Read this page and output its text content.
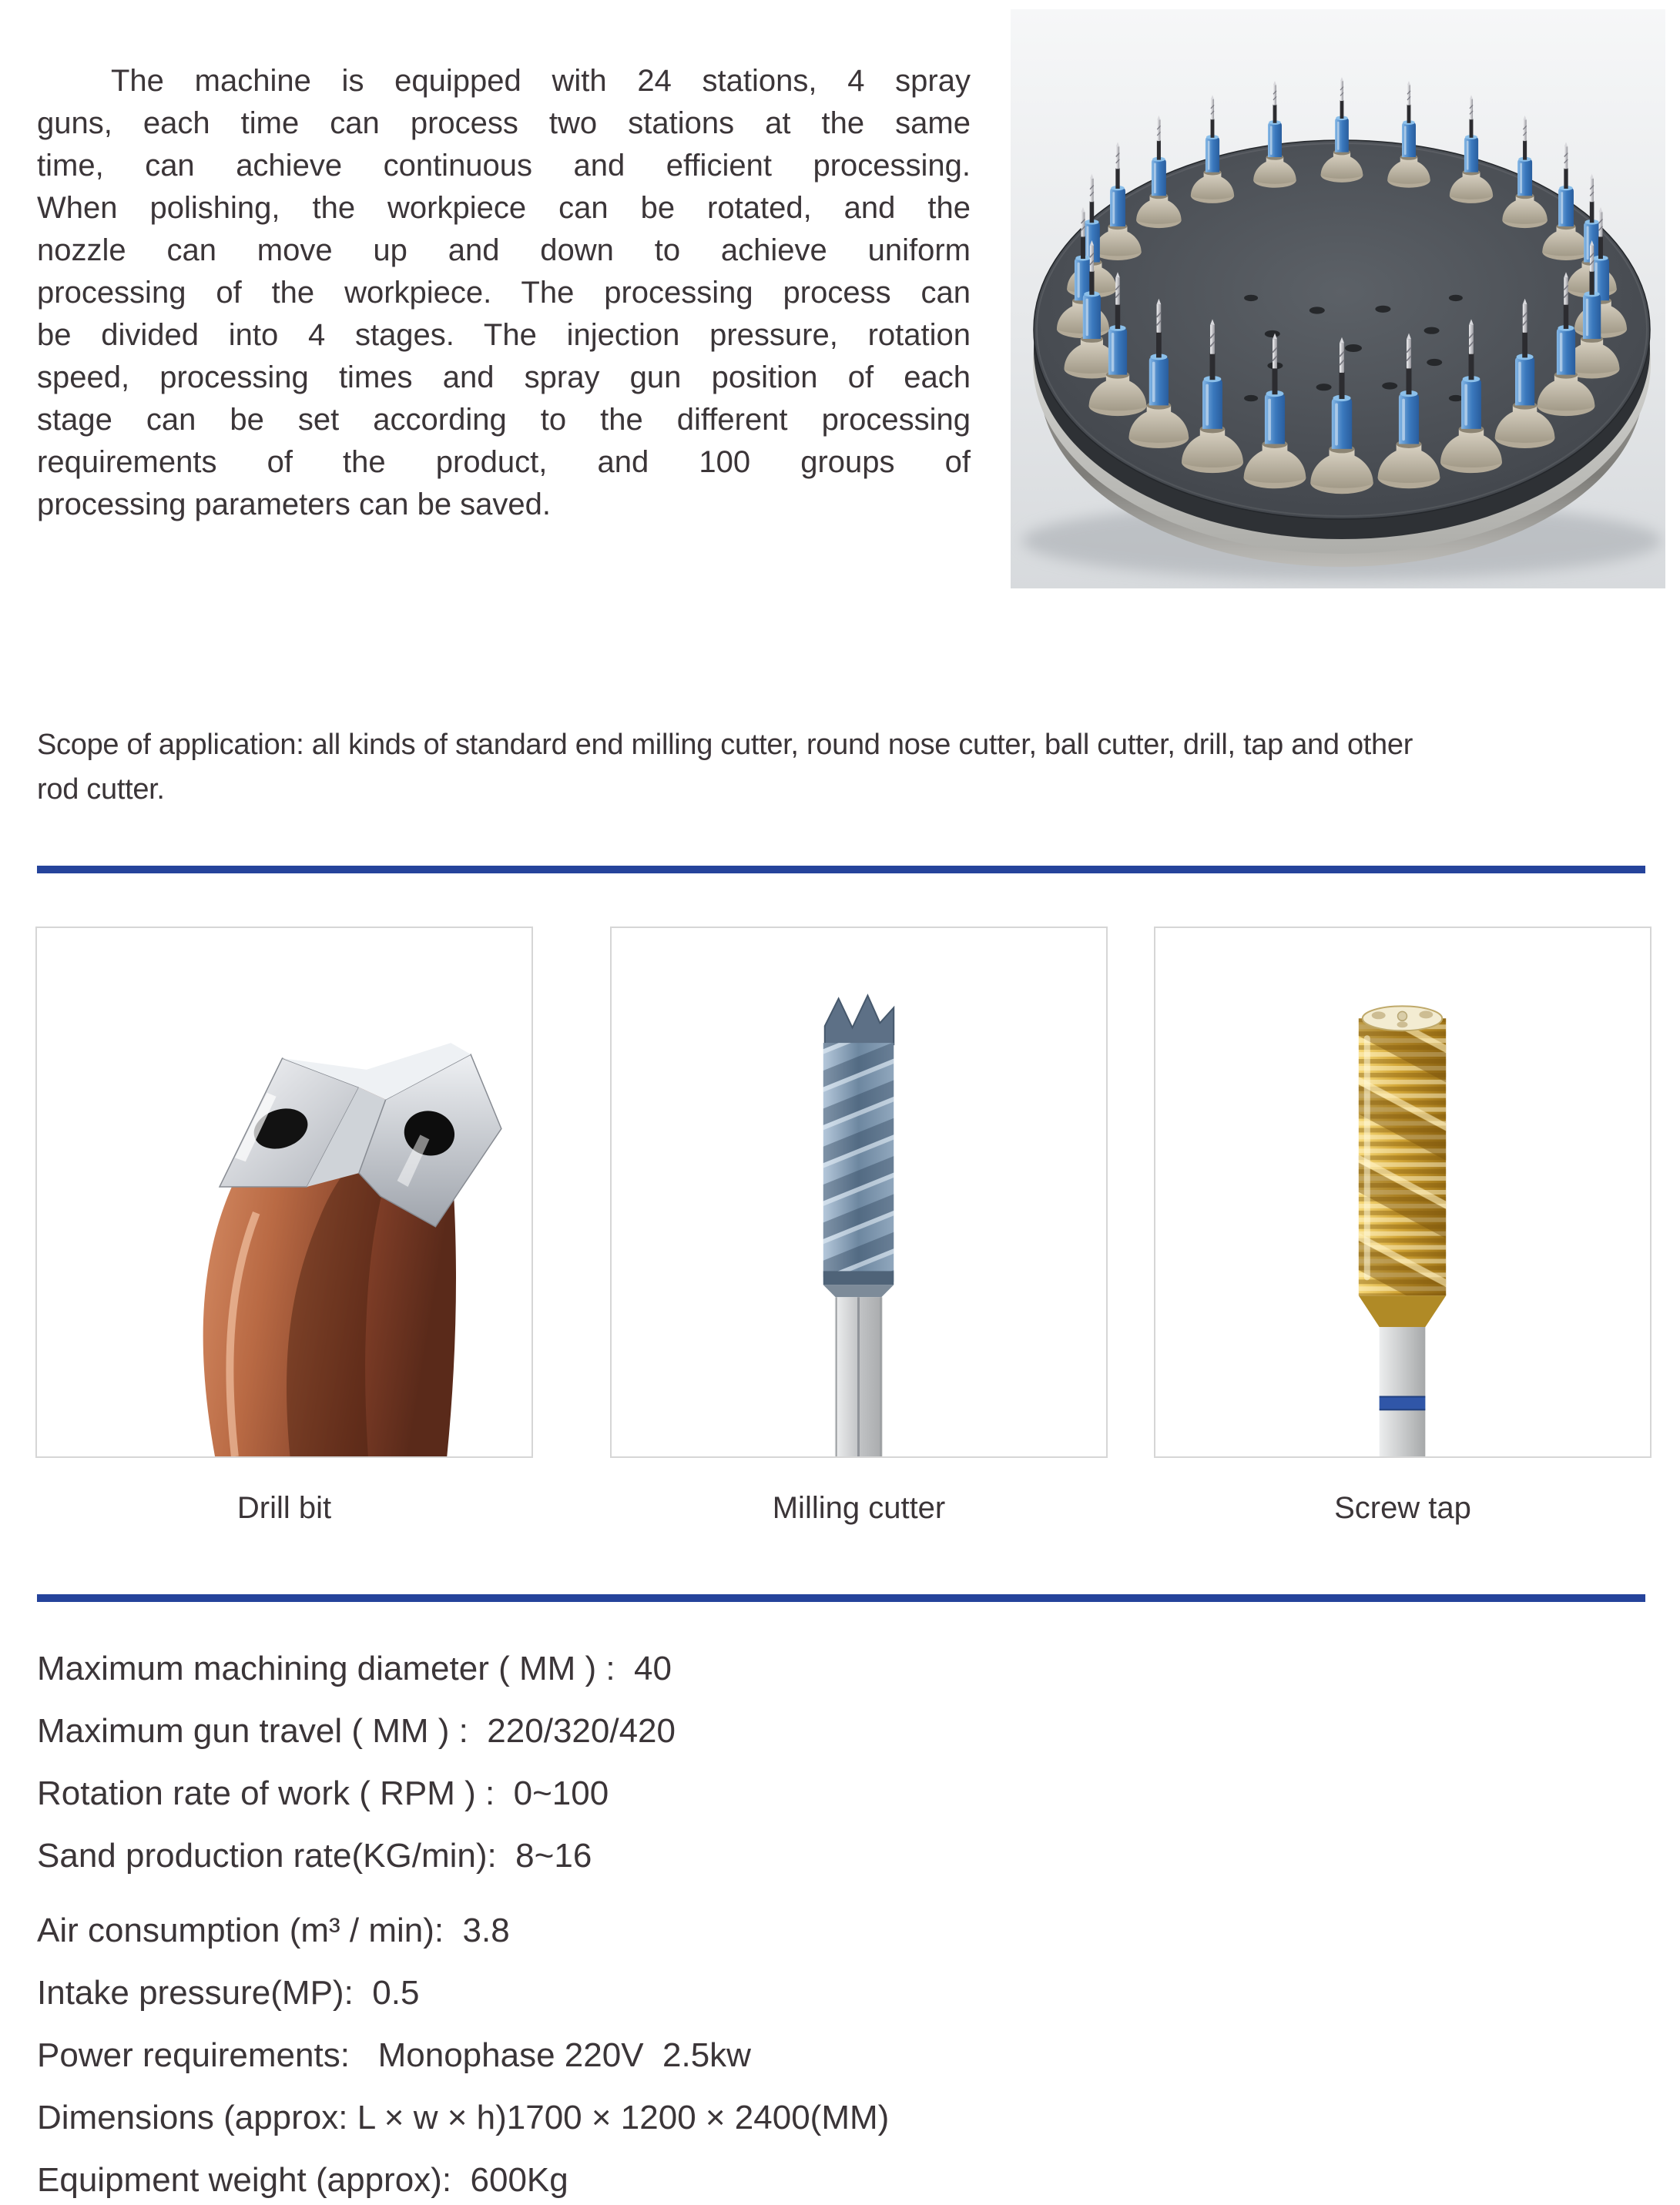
The machine is equipped with 24 stations, 4 spray
guns, each time can process two stations at the same
time, can achieve continuous and efficient processing.
When polishing, the workpiece can be rotated, and the
nozzle can move up and down to achieve uniform
processing of the workpiece. The processing process can
be divided into 4 stages. The injection pressure, rotation
speed, processing times and spray gun position of each
stage can be set according to the different processing
requirements of the product, and 100 groups of
processing parameters can be saved.
Scope of application: all kinds of standard end milling cutter, round nose cutter, ball cutter, drill, tap and other
rod cutter.
Drill bit	Milling cutter	Screw tap
Maximum machining diameter ( MM ) :  40
Maximum gun travel ( MM ) :  220/320/420
Rotation rate of work ( RPM ) :  0~100
Sand production rate(KG/min):  8~16
Air consumption (m³ / min):  3.8
Intake pressure(MP):  0.5
Power requirements:   Monophase 220V  2.5kw
Dimensions (approx: L × w × h)1700 × 1200 × 2400(MM)
Equipment weight (approx):  600Kg
